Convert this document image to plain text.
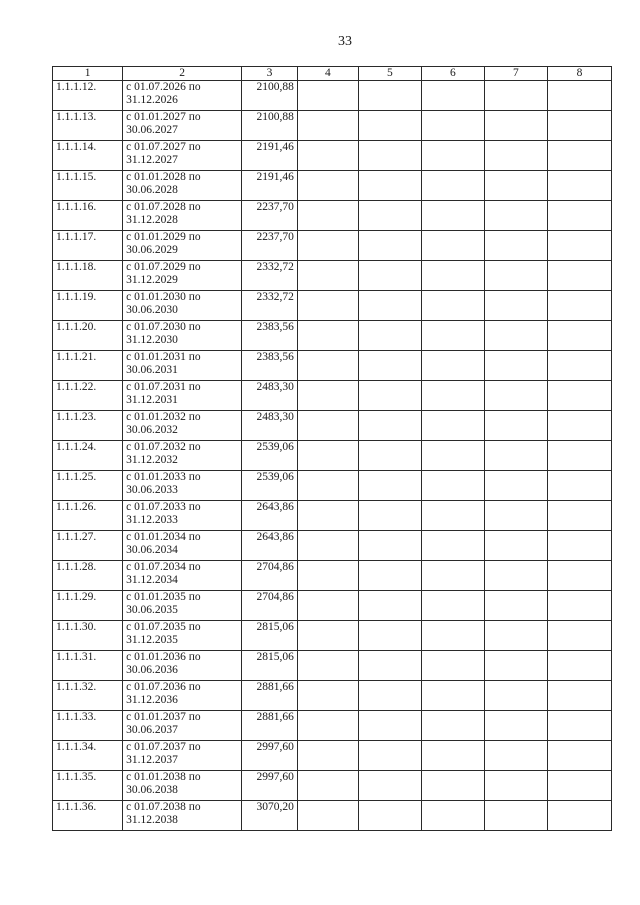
33
1	2	3	4	5	6	7	8
1.1.1.12.	с 01.07.2026 по 31.12.2026	2100,88					
1.1.1.13.	с 01.01.2027 по 30.06.2027	2100,88					
1.1.1.14.	с 01.07.2027 по 31.12.2027	2191,46					
1.1.1.15.	с 01.01.2028 по 30.06.2028	2191,46					
1.1.1.16.	с 01.07.2028 по 31.12.2028	2237,70					
1.1.1.17.	с 01.01.2029 по 30.06.2029	2237,70					
1.1.1.18.	с 01.07.2029 по 31.12.2029	2332,72					
1.1.1.19.	с 01.01.2030 по 30.06.2030	2332,72					
1.1.1.20.	с 01.07.2030 по 31.12.2030	2383,56					
1.1.1.21.	с 01.01.2031 по 30.06.2031	2383,56					
1.1.1.22.	с 01.07.2031 по 31.12.2031	2483,30					
1.1.1.23.	с 01.01.2032 по 30.06.2032	2483,30					
1.1.1.24.	с 01.07.2032 по 31.12.2032	2539,06					
1.1.1.25.	с 01.01.2033 по 30.06.2033	2539,06					
1.1.1.26.	с 01.07.2033 по 31.12.2033	2643,86					
1.1.1.27.	с 01.01.2034 по 30.06.2034	2643,86					
1.1.1.28.	с 01.07.2034 по 31.12.2034	2704,86					
1.1.1.29.	с 01.01.2035 по 30.06.2035	2704,86					
1.1.1.30.	с 01.07.2035 по 31.12.2035	2815,06					
1.1.1.31.	с 01.01.2036 по 30.06.2036	2815,06					
1.1.1.32.	с 01.07.2036 по 31.12.2036	2881,66					
1.1.1.33.	с 01.01.2037 по 30.06.2037	2881,66					
1.1.1.34.	с 01.07.2037 по 31.12.2037	2997,60					
1.1.1.35.	с 01.01.2038 по 30.06.2038	2997,60					
1.1.1.36.	с 01.07.2038 по 31.12.2038	3070,20					
